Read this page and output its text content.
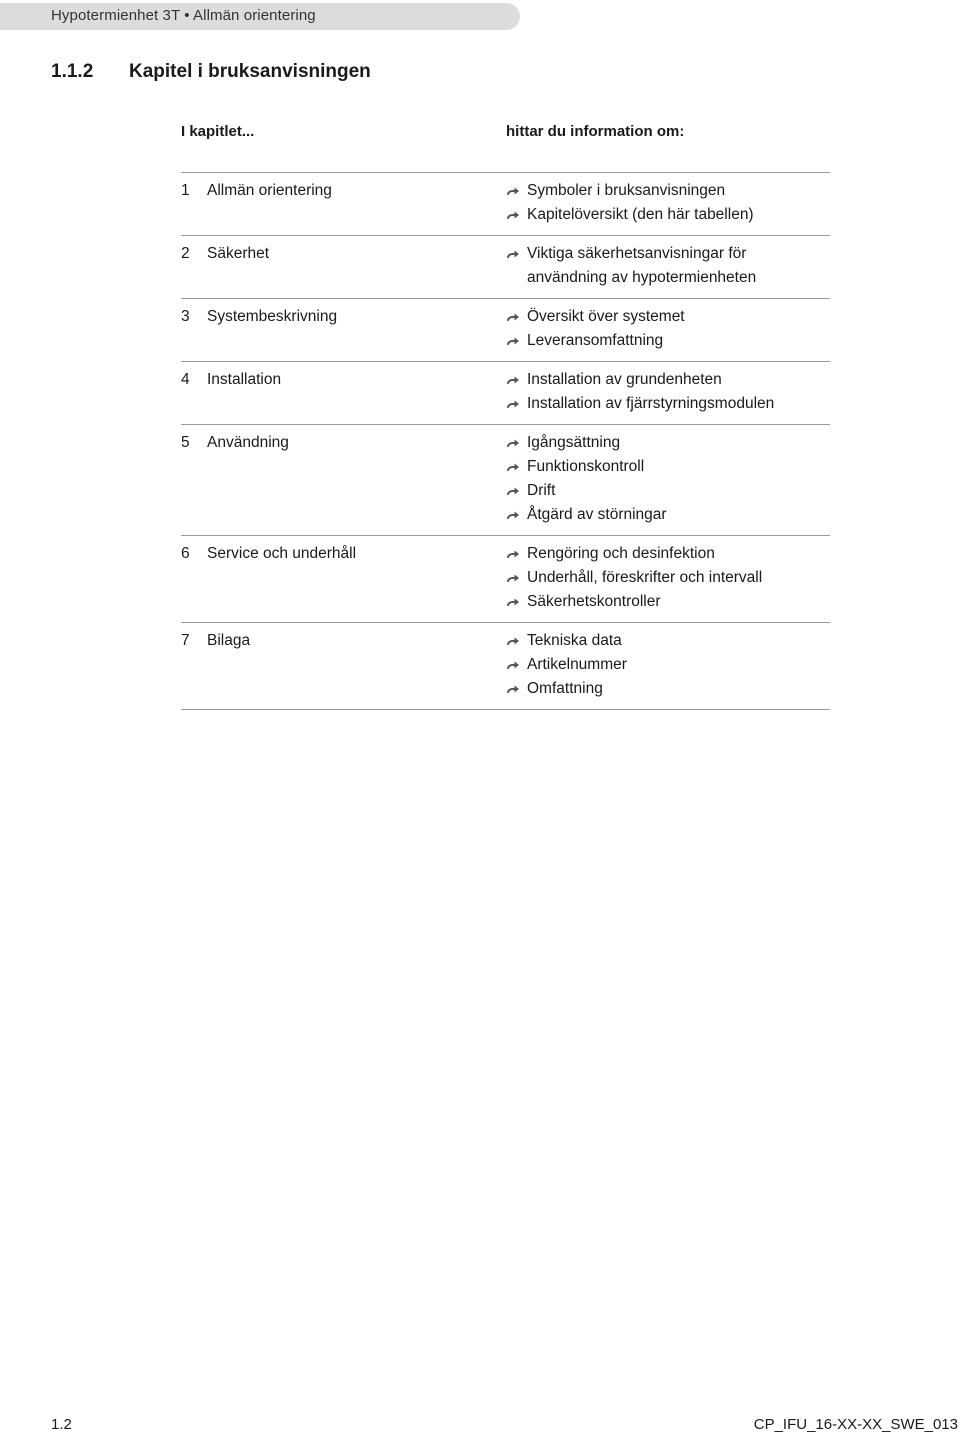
Hypotermienhet 3T • Allmän orientering
1.1.2 Kapitel i bruksanvisningen
I kapitlet...	hittar du information om:
1 Allmän orientering	Symboler i bruksanvisningen
Kapitelöversikt (den här tabellen)
2 Säkerhet	Viktiga säkerhetsanvisningar för
användning av hypotermienheten
3 Systembeskrivning	Översikt över systemet
Leveransomfattning
4 Installation	Installation av grundenheten
Installation av fjärrstyrningsmodulen
5 Användning	Igångsättning
Funktionskontroll
Drift
Åtgärd av störningar
6 Service och underhåll	Rengöring och desinfektion
Underhåll, föreskrifter och intervall
Säkerhetskontroller
7 Bilaga	Tekniska data
Artikelnummer
Omfattning
1.2	CP_IFU_16-XX-XX_SWE_013
